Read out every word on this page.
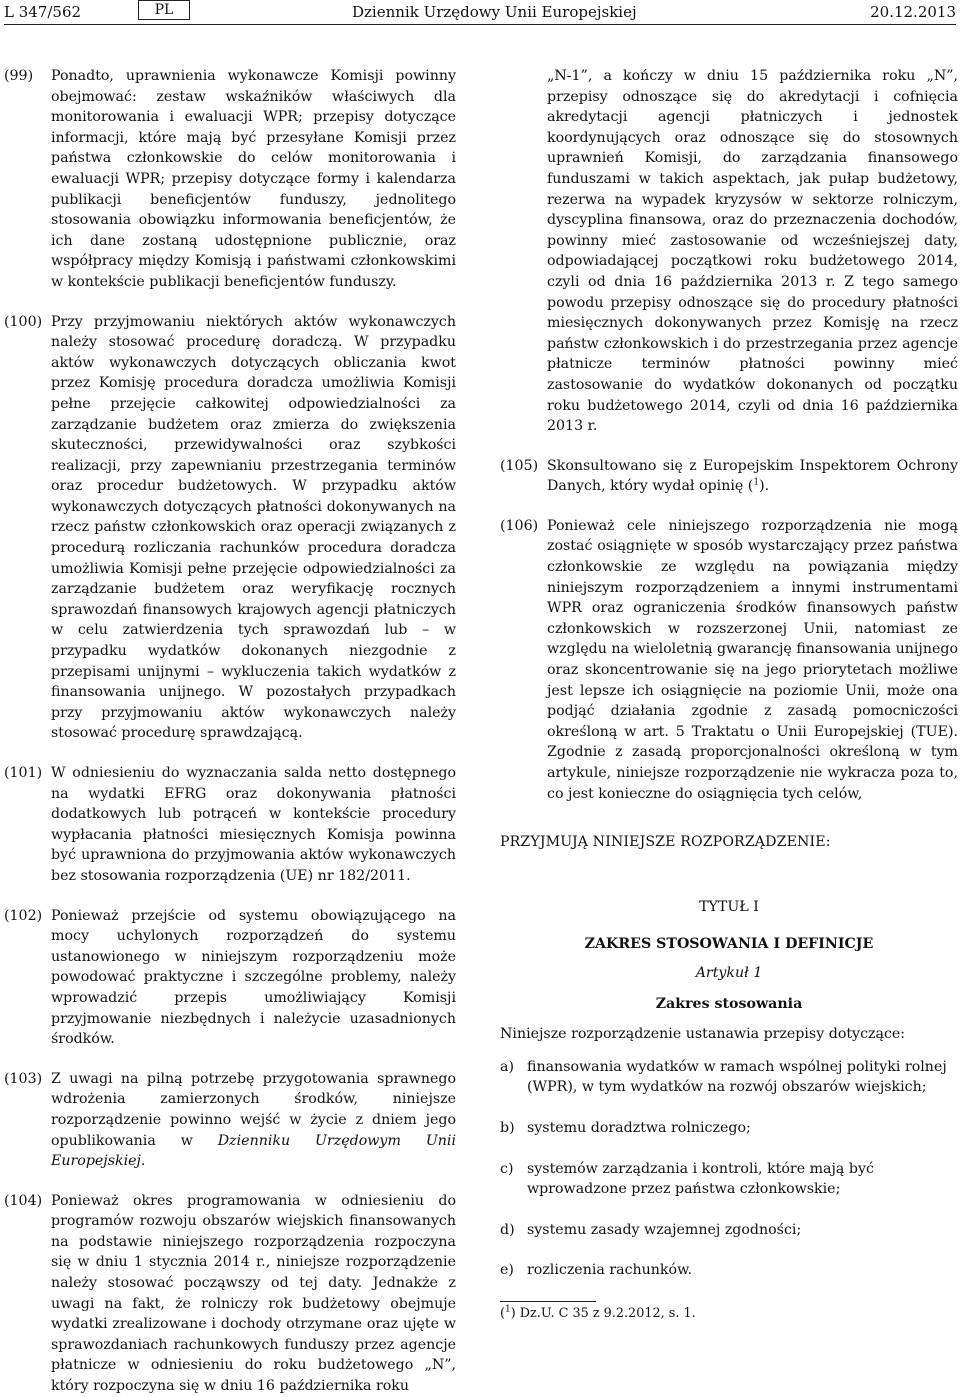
L 347/562	PL	Dziennik Urzędowy Unii Europejskiej	20.12.2013
(99) Ponadto, uprawnienia wykonawcze Komisji powinny obejmować: zestaw wskaźników właściwych dla monitorowania i ewaluacji WPR; przepisy dotyczące informacji, które mają być przesyłane Komisji przez państwa członkowskie do celów monitorowania i ewaluacji WPR; przepisy dotyczące formy i kalendarza publikacji beneficjentów funduszy, jednolitego stosowania obowiązku informowania beneficjentów, że ich dane zostaną udostępnione publicznie, oraz współpracy między Komisją i państwami członkowskimi w kontekście publikacji beneficjentów funduszy.
(100) Przy przyjmowaniu niektórych aktów wykonawczych należy stosować procedurę doradczą. W przypadku aktów wykonawczych dotyczących obliczania kwot przez Komisję procedura doradcza umożliwia Komisji pełne przejęcie całkowitej odpowiedzialności za zarządzanie budżetem oraz zmierza do zwiększenia skuteczności, przewidywalności oraz szybkości realizacji, przy zapewnianiu przestrzegania terminów oraz procedur budżetowych. W przypadku aktów wykonawczych dotyczących płatności dokonywanych na rzecz państw członkowskich oraz operacji związanych z procedurą rozliczania rachunków procedura doradcza umożliwia Komisji pełne przejęcie odpowiedzialności za zarządzanie budżetem oraz weryfikację rocznych sprawozdań finansowych krajowych agencji płatniczych w celu zatwierdzenia tych sprawozdań lub – w przypadku wydatków dokonanych niezgodnie z przepisami unijnymi – wykluczenia takich wydatków z finansowania unijnego. W pozostałych przypadkach przy przyjmowaniu aktów wykonawczych należy stosować procedurę sprawdzającą.
(101) W odniesieniu do wyznaczania salda netto dostępnego na wydatki EFRG oraz dokonywania płatności dodatkowych lub potrąceń w kontekście procedury wypłacania płatności miesięcznych Komisja powinna być uprawniona do przyjmowania aktów wykonawczych bez stosowania rozporządzenia (UE) nr 182/2011.
(102) Ponieważ przejście od systemu obowiązującego na mocy uchylonych rozporządzeń do systemu ustanowionego w niniejszym rozporządzeniu może powodować praktyczne i szczególne problemy, należy wprowadzić przepis umożliwiający Komisji przyjmowanie niezbędnych i należycie uzasadnionych środków.
(103) Z uwagi na pilną potrzebę przygotowania sprawnego wdrożenia zamierzonych środków, niniejsze rozporządzenie powinno wejść w życie z dniem jego opublikowania w Dzienniku Urzędowym Unii Europejskiej.
(104) Ponieważ okres programowania w odniesieniu do programów rozwoju obszarów wiejskich finansowanych na podstawie niniejszego rozporządzenia rozpoczyna się w dniu 1 stycznia 2014 r., niniejsze rozporządzenie należy stosować począwszy od tej daty. Jednakże z uwagi na fakt, że rolniczy rok budżetowy obejmuje wydatki zrealizowane i dochody otrzymane oraz ujęte w sprawozdaniach rachunkowych funduszy przez agencje płatnicze w odniesieniu do roku budżetowego „N”, który rozpoczyna się w dniu 16 października roku
„N-1”, a kończy w dniu 15 października roku „N”, przepisy odnoszące się do akredytacji i cofnięcia akredytacji agencji płatniczych i jednostek koordynujących oraz odnoszące się do stosownych uprawnień Komisji, do zarządzania finansowego funduszami w takich aspektach, jak pułap budżetowy, rezerwa na wypadek kryzysów w sektorze rolniczym, dyscyplina finansowa, oraz do przeznaczenia dochodów, powinny mieć zastosowanie od wcześniejszej daty, odpowiadającej początkowi roku budżetowego 2014, czyli od dnia 16 października 2013 r. Z tego samego powodu przepisy odnoszące się do procedury płatności miesięcznych dokonywanych przez Komisję na rzecz państw członkowskich i do przestrzegania przez agencje płatnicze terminów płatności powinny mieć zastosowanie do wydatków dokonanych od początku roku budżetowego 2014, czyli od dnia 16 października 2013 r.
(105) Skonsultowano się z Europejskim Inspektorem Ochrony Danych, który wydał opinię ($^1$).
(106) Ponieważ cele niniejszego rozporządzenia nie mogą zostać osiągnięte w sposób wystarczający przez państwa członkowskie ze względu na powiązania między niniejszym rozporządzeniem a innymi instrumentami WPR oraz ograniczenia środków finansowych państw członkowskich w rozszerzonej Unii, natomiast ze względu na wieloletnią gwarancję finansowania unijnego oraz skoncentrowanie się na jego priorytetach możliwe jest lepsze ich osiągnięcie na poziomie Unii, może ona podjąć działania zgodnie z zasadą pomocniczości określoną w art. 5 Traktatu o Unii Europejskiej (TUE). Zgodnie z zasadą proporcjonalności określoną w tym artykule, niniejsze rozporządzenie nie wykracza poza to, co jest konieczne do osiągnięcia tych celów,
PRZYJMUJĄ NINIEJSZE ROZPORZĄDZENIE:
TYTUŁ I
ZAKRES STOSOWANIA I DEFINICJE
Artykuł 1
Zakres stosowania
Niniejsze rozporządzenie ustanawia przepisy dotyczące:
a) finansowania wydatków w ramach wspólnej polityki rolnej (WPR), w tym wydatków na rozwój obszarów wiejskich;
b) systemu doradztwa rolniczego;
c) systemów zarządzania i kontroli, które mają być wprowadzone przez państwa członkowskie;
d) systemu zasady wzajemnej zgodności;
e) rozliczenia rachunków.
($^1$) Dz.U. C 35 z 9.2.2012, s. 1.
